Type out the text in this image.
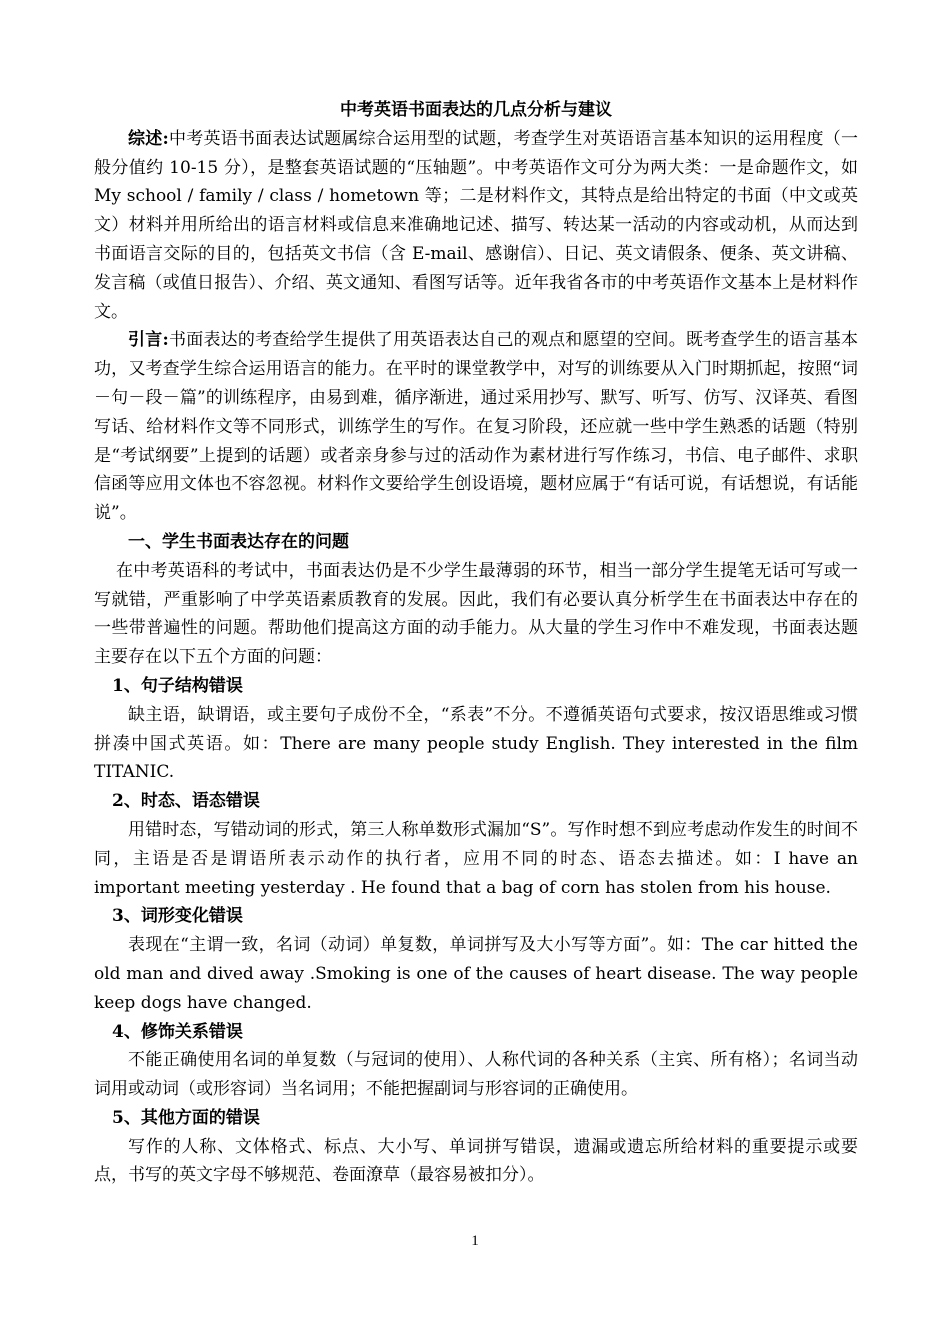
中考英语书面表达的几点分析与建议

综述:中考英语书面表达试题属综合运用型的试题，考查学生对英语语言基本知识的运用程度（一般分值约 10-15 分），是整套英语试题的“压轴题”。中考英语作文可分为两大类：一是命题作文，如 My school / family / class / hometown 等；二是材料作文，其特点是给出特定的书面（中文或英文）材料并用所给出的语言材料或信息来准确地记述、描写、转达某一活动的内容或动机，从而达到书面语言交际的目的，包括英文书信（含 E-mail、感谢信）、日记、英文请假条、便条、英文讲稿、发言稿（或值日报告）、介绍、英文通知、看图写话等。近年我省各市的中考英语作文基本上是材料作文。

引言:书面表达的考查给学生提供了用英语表达自己的观点和愿望的空间。既考查学生的语言基本功，又考查学生综合运用语言的能力。在平时的课堂教学中，对写的训练要从入门时期抓起，按照“词－句－段－篇”的训练程序，由易到难，循序渐进，通过采用抄写、默写、听写、仿写、汉译英、看图写话、给材料作文等不同形式，训练学生的写作。在复习阶段，还应就一些中学生熟悉的话题（特别是“考试纲要”上提到的话题）或者亲身参与过的活动作为素材进行写作练习，书信、电子邮件、求职信函等应用文体也不容忽视。材料作文要给学生创设语境，题材应属于“有话可说，有话想说，有话能说”。

一、学生书面表达存在的问题

在中考英语科的考试中，书面表达仍是不少学生最薄弱的环节，相当一部分学生提笔无话可写或一写就错，严重影响了中学英语素质教育的发展。因此，我们有必要认真分析学生在书面表达中存在的一些带普遍性的问题。帮助他们提高这方面的动手能力。从大量的学生习作中不难发现，书面表达题主要存在以下五个方面的问题：

1、句子结构错误

缺主语，缺谓语，或主要句子成份不全，“系表”不分。不遵循英语句式要求，按汉语思维或习惯拼凑中国式英语。如：There are many people study English. They interested in the film TITANIC.

2、时态、语态错误

用错时态，写错动词的形式，第三人称单数形式漏加“S”。写作时想不到应考虑动作发生的时间不同，主语是否是谓语所表示动作的执行者，应用不同的时态、语态去描述。如：I have an important meeting yesterday . He found that a bag of corn has stolen from his house.

3、词形变化错误

表现在“主谓一致，名词（动词）单复数，单词拼写及大小写等方面”。如：The car hitted the old man and dived away .Smoking is one of the causes of heart disease. The way people keep dogs have changed.

4、修饰关系错误

不能正确使用名词的单复数（与冠词的使用）、人称代词的各种关系（主宾、所有格）；名词当动词用或动词（或形容词）当名词用；不能把握副词与形容词的正确使用。

5、其他方面的错误

写作的人称、文体格式、标点、大小写、单词拼写错误，遗漏或遗忘所给材料的重要提示或要点，书写的英文字母不够规范、卷面潦草（最容易被扣分）。

1
